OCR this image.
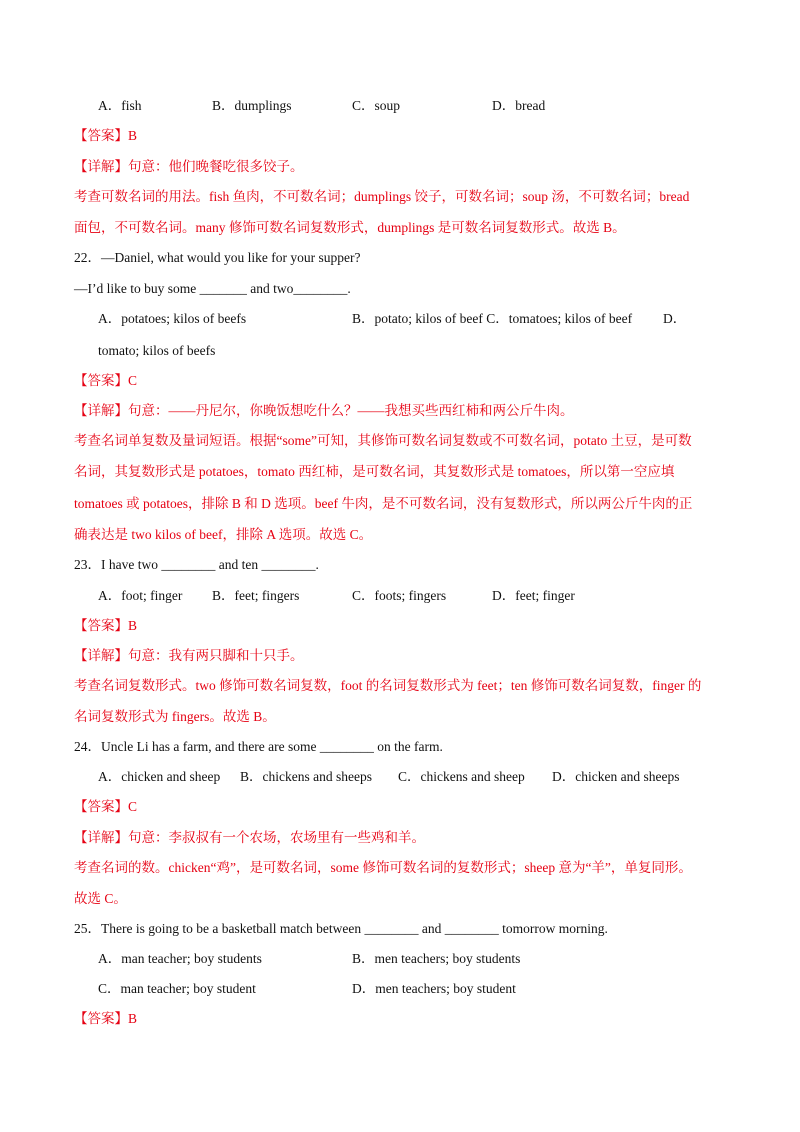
A．fish	B．dumplings	C．soup	D．bread
【答案】B
【详解】句意：他们晚餐吃很多饺子。
考查可数名词的用法。fish 鱼肉，不可数名词；dumplings 饺子，可数名词；soup 汤，不可数名词；bread
面包，不可数名词。many 修饰可数名词复数形式，dumplings 是可数名词复数形式。故选 B。
22．—Daniel, what would you like for your supper?
—I’d like to buy some _______ and two________.
A．potatoes; kilos of beefs	B．potato; kilos of beef C．tomatoes; kilos of beef D．
tomato; kilos of beefs
【答案】C
【详解】句意：——丹尼尔，你晚饭想吃什么？——我想买些西红柿和两公斤牛肉。
考查名词单复数及量词短语。根据“some”可知，其修饰可数名词复数或不可数名词，potato 土豆，是可数
名词，其复数形式是 potatoes，tomato 西红柿，是可数名词，其复数形式是 tomatoes，所以第一空应填
tomatoes 或 potatoes，排除 B 和 D 选项。beef 牛肉，是不可数名词，没有复数形式，所以两公斤牛肉的正
确表达是 two kilos of beef，排除 A 选项。故选 C。
23．I have two ________ and ten ________.
A．foot; finger B．feet; fingers	C．foots; fingers	D．feet; finger
【答案】B
【详解】句意：我有两只脚和十只手。
考查名词复数形式。two 修饰可数名词复数，foot 的名词复数形式为 feet；ten 修饰可数名词复数，finger 的
名词复数形式为 fingers。故选 B。
24．Uncle Li has a farm, and there are some ________ on the farm.
A．chicken and sheep B．chickens and sheeps C．chickens and sheep D．chicken and sheeps
【答案】C
【详解】句意：李叔叔有一个农场，农场里有一些鸡和羊。
考查名词的数。chicken“鸡”，是可数名词，some 修饰可数名词的复数形式；sheep 意为“羊”，单复同形。
故选 C。
25．There is going to be a basketball match between ________ and ________ tomorrow morning.
A．man teacher; boy students	B．men teachers; boy students
C．man teacher; boy student	D．men teachers; boy student
【答案】B
